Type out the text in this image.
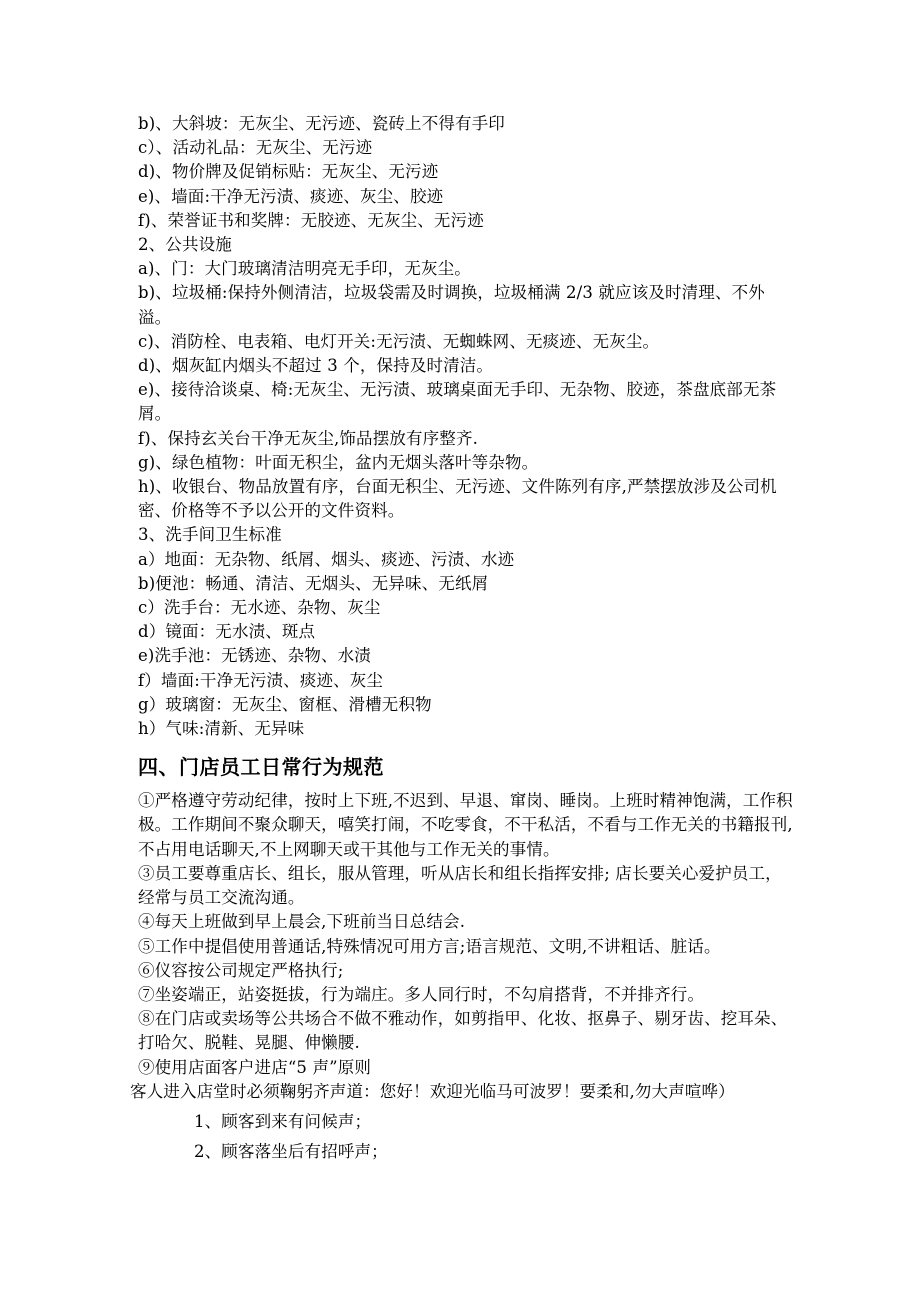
b)、大斜坡：无灰尘、无污迹、瓷砖上不得有手印
c）、活动礼品：无灰尘、无污迹
d)、物价牌及促销标贴：无灰尘、无污迹
e)、墙面:干净无污渍、痰迹、灰尘、胶迹
f)、荣誉证书和奖牌：无胶迹、无灰尘、无污迹
2、公共设施
a)、门：大门玻璃清洁明亮无手印，无灰尘。
b)、垃圾桶:保持外侧清洁，垃圾袋需及时调换，垃圾桶满 2/3 就应该及时清理、不外溢。
c)、消防栓、电表箱、电灯开关:无污渍、无蜘蛛网、无痰迹、无灰尘。
d)、烟灰缸内烟头不超过 3 个，保持及时清洁。
e)、接待洽谈桌、椅:无灰尘、无污渍、玻璃桌面无手印、无杂物、胶迹，茶盘底部无茶屑。
f)、保持玄关台干净无灰尘,饰品摆放有序整齐.
g)、绿色植物：叶面无积尘，盆内无烟头落叶等杂物。
h)、收银台、物品放置有序，台面无积尘、无污迹、文件陈列有序,严禁摆放涉及公司机密、价格等不予以公开的文件资料。
3、洗手间卫生标准
a）地面：无杂物、纸屑、烟头、痰迹、污渍、水迹
b)便池：畅通、清洁、无烟头、无异味、无纸屑
c）洗手台：无水迹、杂物、灰尘
d）镜面：无水渍、斑点
e)洗手池：无锈迹、杂物、水渍
f）墙面:干净无污渍、痰迹、灰尘
g）玻璃窗：无灰尘、窗框、滑槽无积物
h）气味:清新、无异味
四、门店员工日常行为规范
①严格遵守劳动纪律，按时上下班,不迟到、早退、窜岗、睡岗。上班时精神饱满，工作积极。工作期间不聚众聊天，嘻笑打闹，不吃零食，不干私活，不看与工作无关的书籍报刊,不占用电话聊天,不上网聊天或干其他与工作无关的事情。
③员工要尊重店长、组长，服从管理，听从店长和组长指挥安排; 店长要关心爱护员工，经常与员工交流沟通。
④每天上班做到早上晨会,下班前当日总结会.
⑤工作中提倡使用普通话,特殊情况可用方言;语言规范、文明,不讲粗话、脏话。
⑥仪容按公司规定严格执行;
⑦坐姿端正，站姿挺拔，行为端庄。多人同行时，不勾肩搭背，不并排齐行。
⑧在门店或卖场等公共场合不做不雅动作，如剪指甲、化妆、抠鼻子、剔牙齿、挖耳朵、打哈欠、脱鞋、晃腿、伸懒腰.
⑨使用店面客户进店“5 声”原则
客人进入店堂时必须鞠躬齐声道：您好！欢迎光临马可波罗！要柔和,勿大声喧哗）
1、顾客到来有问候声；
2、顾客落坐后有招呼声；
